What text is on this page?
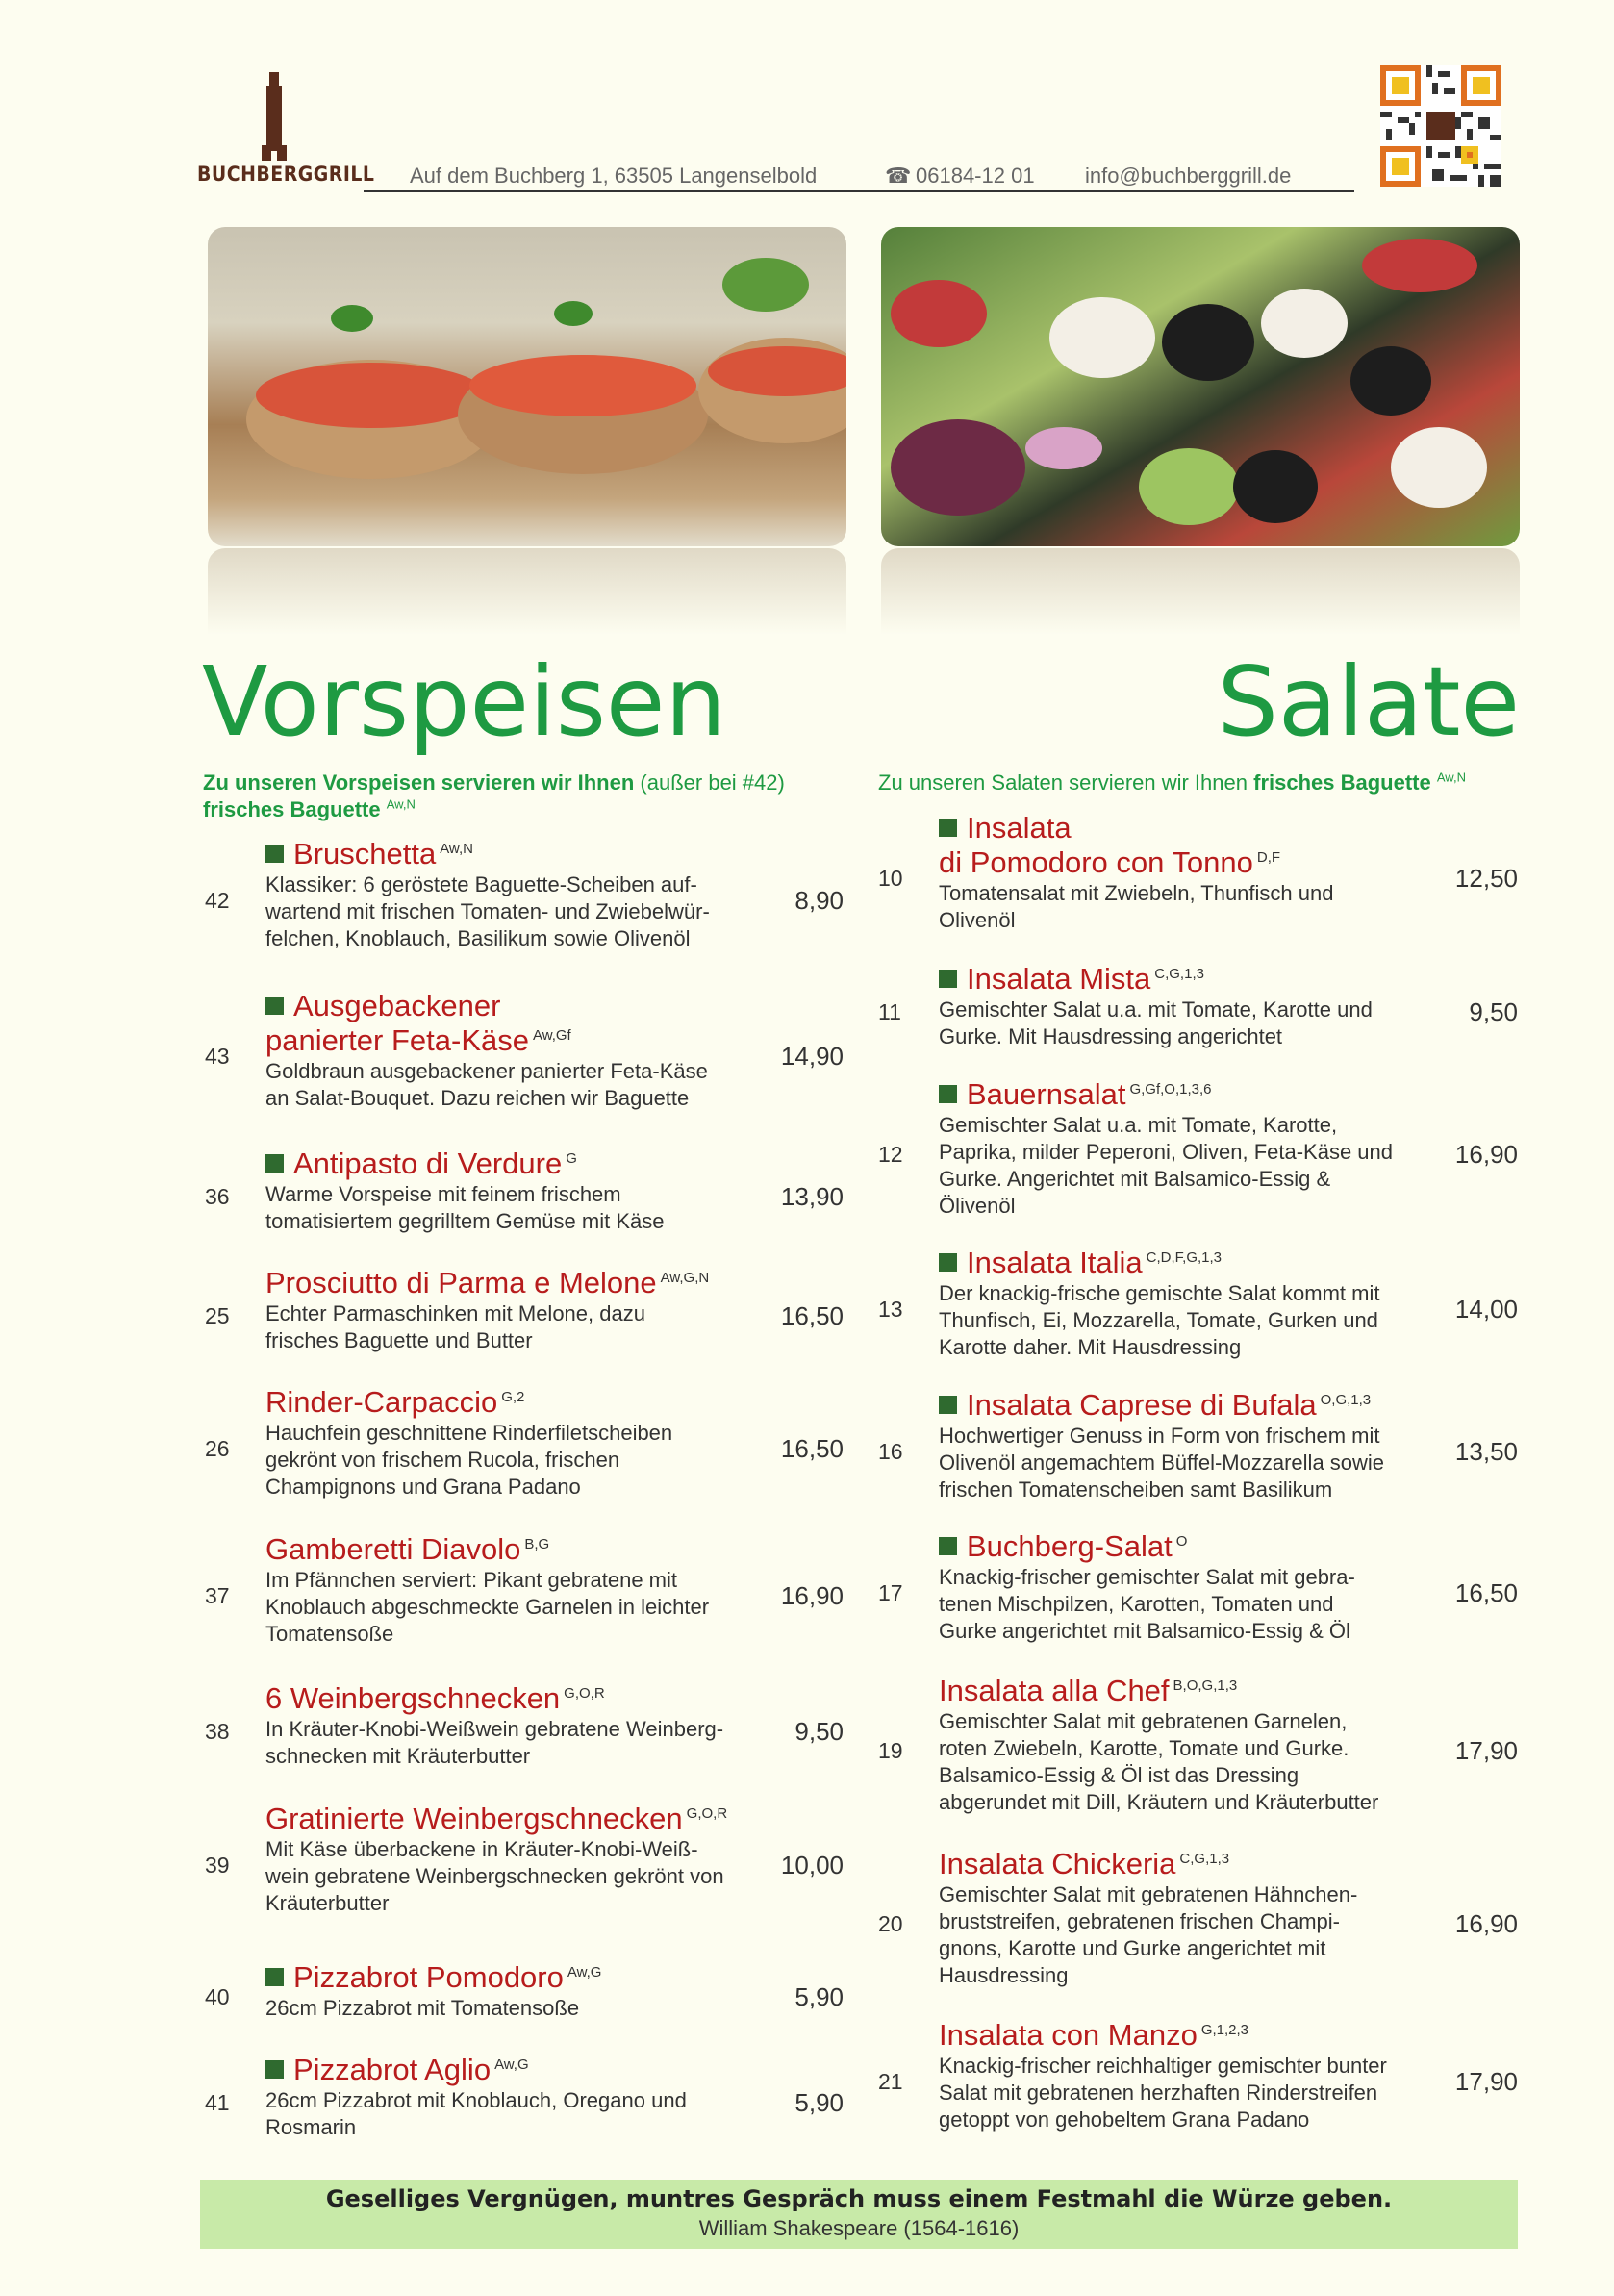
BUCHBERGGRILL Auf dem Buchberg 1, 63505 Langenselbold	☎ 06184-12 01 info@buchberggrill.de
Vorspeisen	Salate
Zu unseren Vorspeisen servieren wir Ihnen (außer bei #42)
frisches Baguette $^{Aw,N}$
Zu unseren Salaten servieren wir Ihnen frisches Baguette $^{Aw,N}$
Bruschetta $^{Aw,N}$
Klassiker: 6 geröstete Baguette-Scheiben auf-
wartend mit frischen Tomaten- und Zwiebelwür-
felchen, Knoblauch, Basilikum sowie Olivenöl
42	8,90
Ausgebackener
panierter Feta-Käse $^{Aw,Gf}$
Goldbraun ausgebackener panierter Feta-Käse
an Salat-Bouquet. Dazu reichen wir Baguette
43	14,90
Antipasto di Verdure $^G$
Warme Vorspeise mit feinem frischem
tomatisiertem gegrilltem Gemüse mit Käse
36	13,90
Prosciutto di Parma e Melone $^{Aw,G,N}$
Echter Parmaschinken mit Melone, dazu
frisches Baguette und Butter
25	16,50
Rinder-Carpaccio $^{G,2}$
Hauchfein geschnittene Rinderfiletscheiben
gekrönt von frischem Rucola, frischen
Champignons und Grana Padano
26	16,50
Gamberetti Diavolo $^{B,G}$
Im Pfännchen serviert: Pikant gebratene mit
Knoblauch abgeschmeckte Garnelen in leichter
Tomatensoße
37	16,90
6 Weinbergschnecken $^{G,O,R}$
In Kräuter-Knobi-Weißwein gebratene Weinberg-
schnecken mit Kräuterbutter
38	9,50
Gratinierte Weinbergschnecken $^{G,O,R}$
Mit Käse überbackene in Kräuter-Knobi-Weiß-
wein gebratene Weinbergschnecken gekrönt von
Kräuterbutter
39	10,00
Pizzabrot Pomodoro $^{Aw,G}$
26cm Pizzabrot mit Tomatensoße
40	5,90
Pizzabrot Aglio $^{Aw,G}$
26cm Pizzabrot mit Knoblauch, Oregano und
Rosmarin
41	5,90
Insalata
di Pomodoro con Tonno $^{D,F}$
Tomatensalat mit Zwiebeln, Thunfisch und
Olivenöl
10	12,50
Insalata Mista $^{C,G,1,3}$
Gemischter Salat u.a. mit Tomate, Karotte und
Gurke. Mit Hausdressing angerichtet
11	9,50
Bauernsalat $^{G,Gf,O,1,3,6}$
Gemischter Salat u.a. mit Tomate, Karotte,
Paprika, milder Peperoni, Oliven, Feta-Käse und
Gurke. Angerichtet mit Balsamico-Essig &
Ölivenöl
12	16,90
Insalata Italia $^{C,D,F,G,1,3}$
Der knackig-frische gemischte Salat kommt mit
Thunfisch, Ei, Mozzarella, Tomate, Gurken und
Karotte daher. Mit Hausdressing
13	14,00
Insalata Caprese di Bufala $^{O,G,1,3}$
Hochwertiger Genuss in Form von frischem mit
Olivenöl angemachtem Büffel-Mozzarella sowie
frischen Tomatenscheiben samt Basilikum
16	13,50
Buchberg-Salat $^O$
Knackig-frischer gemischter Salat mit gebra-
tenen Mischpilzen, Karotten, Tomaten und
Gurke angerichtet mit Balsamico-Essig & Öl
17	16,50
Insalata alla Chef $^{B,O,G,1,3}$
Gemischter Salat mit gebratenen Garnelen,
roten Zwiebeln, Karotte, Tomate und Gurke.
Balsamico-Essig & Öl ist das Dressing
abgerundet mit Dill, Kräutern und Kräuterbutter
19	17,90
Insalata Chickeria $^{C,G,1,3}$
Gemischter Salat mit gebratenen Hähnchen-
bruststreifen, gebratenen frischen Champi-
gnons, Karotte und Gurke angerichtet mit
Hausdressing
20	16,90
Insalata con Manzo $^{G,1,2,3}$
Knackig-frischer reichhaltiger gemischter bunter
Salat mit gebratenen herzhaften Rinderstreifen
getoppt von gehobeltem Grana Padano
21	17,90
Geselliges Vergnügen, muntres Gespräch muss einem Festmahl die Würze geben.
William Shakespeare (1564-1616)
